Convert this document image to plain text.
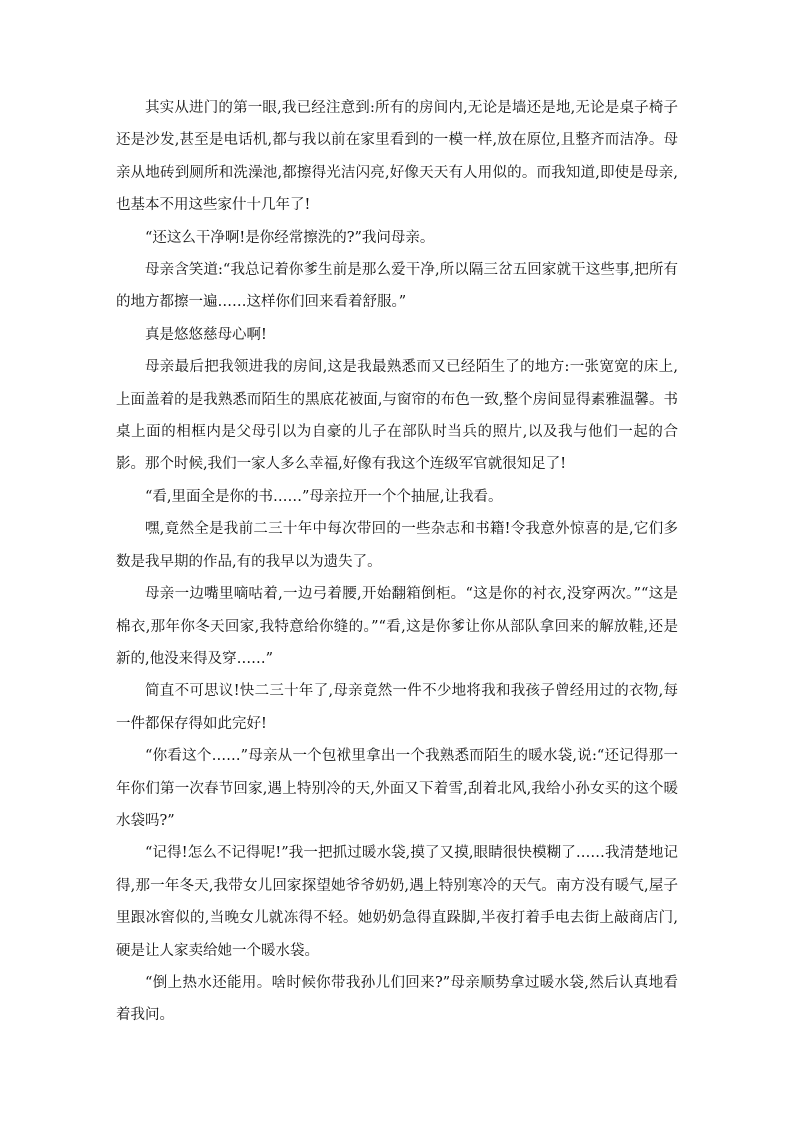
其实从进门的第一眼,我已经注意到:所有的房间内,无论是墙还是地,无论是桌子椅子还是沙发,甚至是电话机,都与我以前在家里看到的一模一样,放在原位,且整齐而洁净。母亲从地砖到厕所和洗澡池,都擦得光洁闪亮,好像天天有人用似的。而我知道,即使是母亲,也基本不用这些家什十几年了!

“还这么干净啊!是你经常擦洗的?”我问母亲。

母亲含笑道:“我总记着你爹生前是那么爱干净,所以隔三岔五回家就干这些事,把所有的地方都擦一遍……这样你们回来看着舒服。”

真是悠悠慈母心啊!

母亲最后把我领进我的房间,这是我最熟悉而又已经陌生了的地方:一张宽宽的床上,上面盖着的是我熟悉而陌生的黑底花被面,与窗帘的布色一致,整个房间显得素雅温馨。书桌上面的相框内是父母引以为自豪的儿子在部队时当兵的照片,以及我与他们一起的合影。那个时候,我们一家人多么幸福,好像有我这个连级军官就很知足了!

“看,里面全是你的书……”母亲拉开一个个抽屉,让我看。

嘿,竟然全是我前二三十年中每次带回的一些杂志和书籍!令我意外惊喜的是,它们多数是我早期的作品,有的我早以为遗失了。

母亲一边嘴里嘀咕着,一边弓着腰,开始翻箱倒柜。“这是你的衬衣,没穿两次。”“这是棉衣,那年你冬天回家,我特意给你缝的。”“看,这是你爹让你从部队拿回来的解放鞋,还是新的,他没来得及穿……”

简直不可思议!快二三十年了,母亲竟然一件不少地将我和我孩子曾经用过的衣物,每一件都保存得如此完好!

“你看这个……”母亲从一个包袱里拿出一个我熟悉而陌生的暖水袋,说:“还记得那一年你们第一次春节回家,遇上特别冷的天,外面又下着雪,刮着北风,我给小孙女买的这个暖水袋吗?”

“记得!怎么不记得呢!”我一把抓过暖水袋,摸了又摸,眼睛很快模糊了……我清楚地记得,那一年冬天,我带女儿回家探望她爷爷奶奶,遇上特别寒冷的天气。南方没有暖气,屋子里跟冰窖似的,当晚女儿就冻得不轻。她奶奶急得直跺脚,半夜打着手电去街上敲商店门,硬是让人家卖给她一个暖水袋。

“倒上热水还能用。啥时候你带我孙儿们回来?”母亲顺势拿过暖水袋,然后认真地看着我问。
